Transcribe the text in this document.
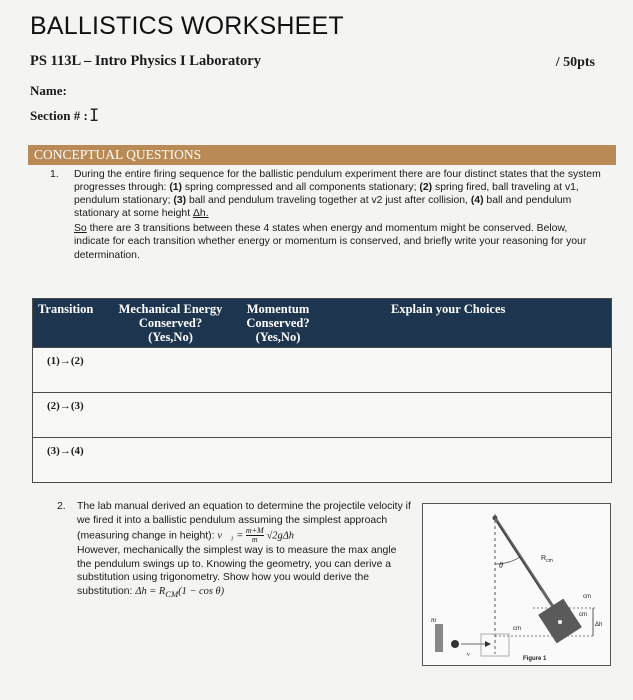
BALLISTICS WORKSHEET
PS 113L – Intro Physics I Laboratory	/ 50pts
Name:
Section # : I
CONCEPTUAL QUESTIONS
1. During the entire firing sequence for the ballistic pendulum experiment there are four distinct states that the system progresses through: (1) spring compressed and all components stationary; (2) spring fired, ball traveling at v1, pendulum stationary; (3) ball and pendulum traveling together at v2 just after collision, (4) ball and pendulum stationary at some height Δh.

So there are 3 transitions between these 4 states when energy and momentum might be conserved. Below, indicate for each transition whether energy or momentum is conserved, and briefly write your reasoning for your determination.

Transition	Mechanical Energy
Conserved?
(Yes,No)
Momentum
Conserved?
(Yes,No)
Explain your Choices
(1)→(2)
(2)→(3)
(3)→(4)
2. The lab manual derived an equation to determine the projectile velocity if we fired it into a ballistic pendulum assuming the simplest approach (measuring change in height): v⃗₁ = $\frac{m+M}{m} √2g\Delta h$

However, mechanically the simplest way is to measure the max angle the pendulum swings up to. Knowing the geometry, you can derive a substitution using trigonometry. Show how you would derive the substitution: $\Delta h = R_{CM}(1 - \cos \theta)$

θ
$R_{cm}$
cm
cm
cm
Δh
m
v
Figure 1
